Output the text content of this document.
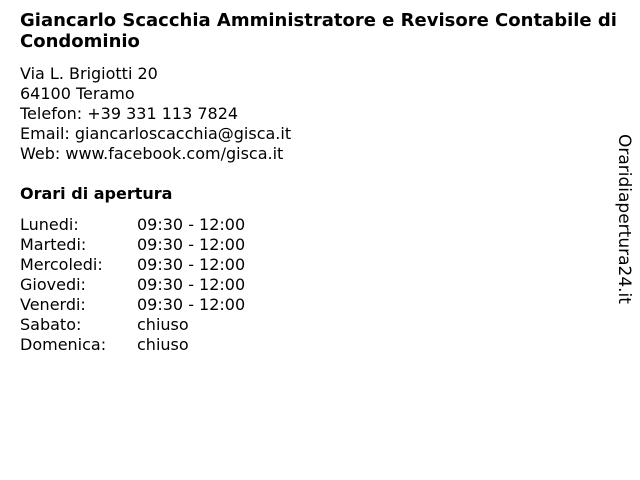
Giancarlo Scacchia Amministratore e Revisore Contabile di Condominio
Via L. Brigiotti 20
64100 Teramo
Telefon: +39 331 113 7824
Email: giancarloscacchia@gisca.it
Web: www.facebook.com/gisca.it
Orari di apertura
Lunedi:	09:30 - 12:00
Martedi:	09:30 - 12:00
Mercoledi:	09:30 - 12:00
Giovedi:	09:30 - 12:00
Venerdi:	09:30 - 12:00
Sabato:	chiuso
Domenica:	chiuso
Oraridiapertura24.it
